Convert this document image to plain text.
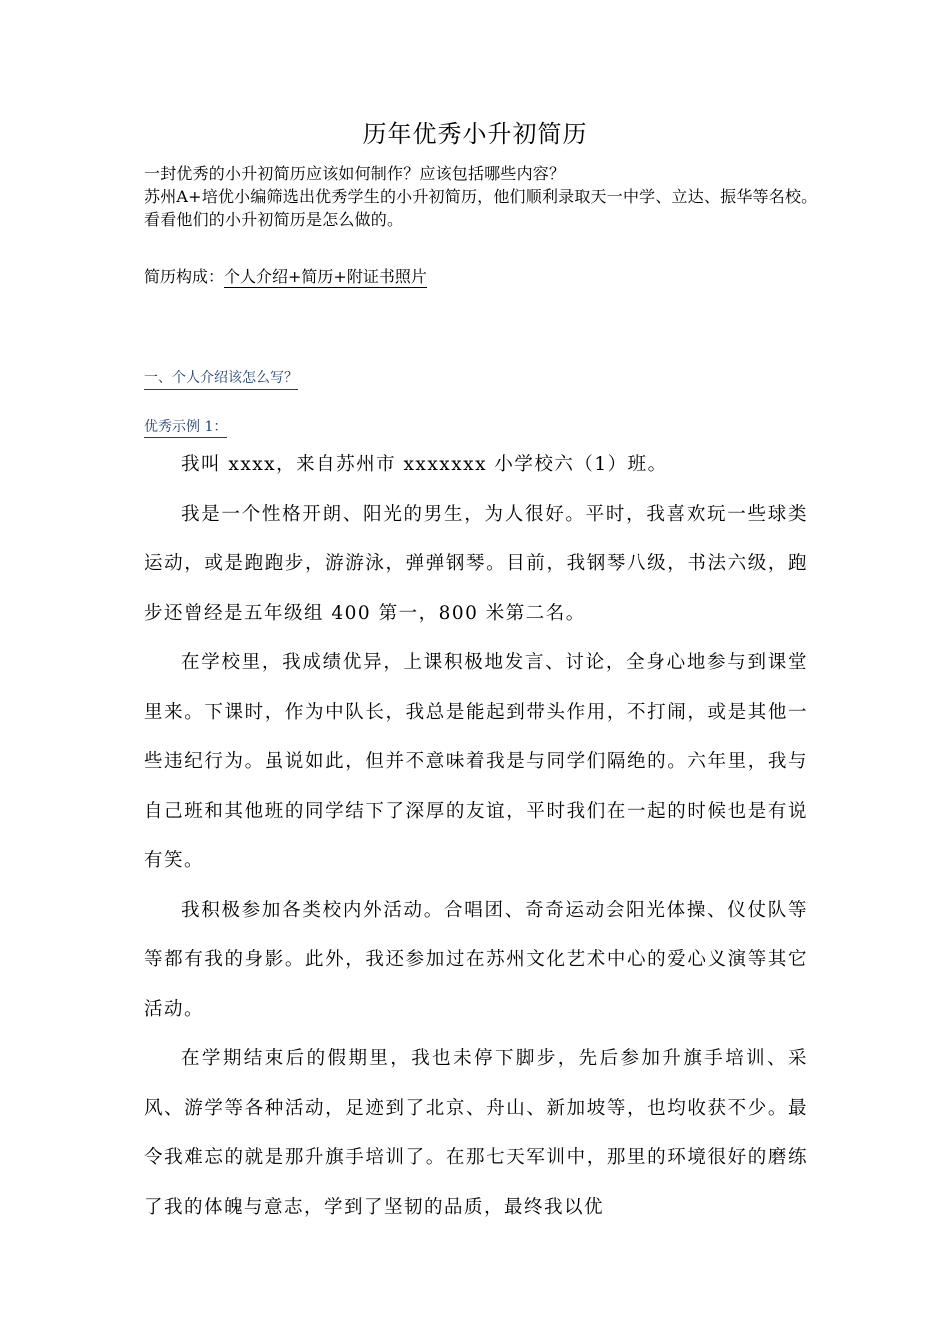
历年优秀小升初简历

一封优秀的小升初简历应该如何制作？应该包括哪些内容？

苏州A+培优小编筛选出优秀学生的小升初简历，他们顺利录取天一中学、立达、振华等名校。看看他们的小升初简历是怎么做的。

简历构成：个人介绍+简历+附证书照片
一、个人介绍该怎么写？
优秀示例 1：

我叫 xxxx，来自苏州市 xxxxxxx 小学校六（1）班。

我是一个性格开朗、阳光的男生，为人很好。平时，我喜欢玩一些球类运动，或是跑跑步，游游泳，弹弹钢琴。目前，我钢琴八级，书法六级，跑步还曾经是五年级组 400 第一，800 米第二名。

在学校里，我成绩优异，上课积极地发言、讨论，全身心地参与到课堂里来。下课时，作为中队长，我总是能起到带头作用，不打闹，或是其他一些违纪行为。虽说如此，但并不意味着我是与同学们隔绝的。六年里，我与自己班和其他班的同学结下了深厚的友谊，平时我们在一起的时候也是有说有笑。

我积极参加各类校内外活动。合唱团、奇奇运动会阳光体操、仪仗队等等都有我的身影。此外，我还参加过在苏州文化艺术中心的爱心义演等其它活动。

在学期结束后的假期里，我也未停下脚步，先后参加升旗手培训、采风、游学等各种活动，足迹到了北京、舟山、新加坡等，也均收获不少。最令我难忘的就是那升旗手培训了。在那七天军训中，那里的环境很好的磨练了我的体魄与意志，学到了坚韧的品质，最终我以优
